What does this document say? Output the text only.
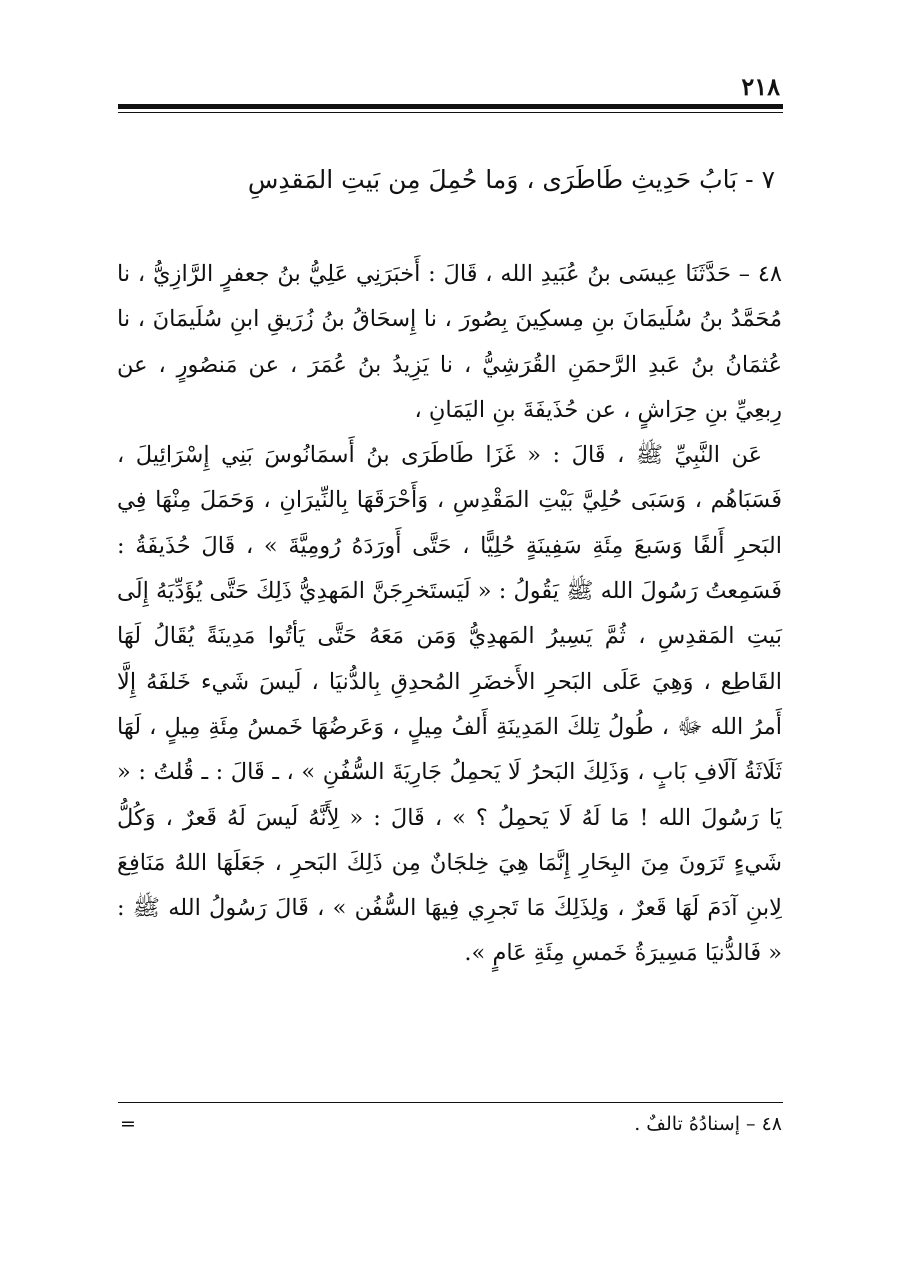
٢١٨
٧ - بَابُ حَدِيثِ طَاطَرَى ، وَما حُمِلَ مِن بَيتِ المَقدِسِ

٤٨ – حَدَّثَنَا عِيسَى بنُ عُبَيدِ الله ، قَالَ : أَخبَرَنِي عَلِيُّ بنُ جعفرٍ الرَّازِيُّ ، نا مُحَمَّدُ بنُ سُلَيمَانَ بنِ مِسكِينَ بِصُورَ ، نا إِسحَاقُ بنُ زُرَيقِ ابنِ سُلَيمَانَ ، نا عُثمَانُ بنُ عَبدِ الرَّحمَنِ القُرَشِيُّ ، نا يَزِيدُ بنُ عُمَرَ ، عن مَنصُورٍ ، عن رِبعِيِّ بنِ حِرَاشٍ ، عن حُذَيفَةَ بنِ اليَمَانِ ،

عَن النَّبِيِّ ﷺ ، قَالَ : « غَزَا طَاطَرَى بنُ أَسمَانُوسَ بَنِي إِسْرَائِيلَ ، فَسَبَاهُم ، وَسَبَى حُلِيَّ بَيْتِ المَقْدِسِ ، وَأَحْرَقَهَا بِالنِّيرَانِ ، وَحَمَلَ مِنْهَا فِي البَحرِ أَلفًا وَسَبعَ مِئَةِ سَفِينَةٍ حُلِيًّا ، حَتَّى أَورَدَهُ رُومِيَّةَ » ، قَالَ حُذَيفَةُ : فَسَمِعتُ رَسُولَ الله ﷺ يَقُولُ : « لَيَستَخرِجَنَّ المَهدِيُّ ذَلِكَ حَتَّى يُؤَدِّيَهُ إِلَى بَيتِ المَقدِسِ ، ثُمَّ يَسِيرُ المَهدِيُّ وَمَن مَعَهُ حَتَّى يَأتُوا مَدِينَةً يُقَالُ لَهَا القَاطِع ، وَهِيَ عَلَى البَحرِ الأَخضَرِ المُحدِقِ بِالدُّنيَا ، لَيسَ شَيء خَلفَهُ إِلَّا أَمرُ الله ﷻ ، طُولُ تِلكَ المَدِينَةِ أَلفُ مِيلٍ ، وَعَرضُهَا خَمسُ مِئَةِ مِيلٍ ، لَهَا ثَلَاثَةُ آلَافِ بَابٍ ، وَذَلِكَ البَحرُ لَا يَحمِلُ جَارِيَةَ السُّفُنِ » ، ـ قَالَ : ـ قُلتُ : « يَا رَسُولَ الله ! مَا لَهُ لَا يَحمِلُ ؟ » ، قَالَ : « لِأَنَّهُ لَيسَ لَهُ قَعرٌ ، وَكُلُّ شَيءٍ تَرَونَ مِنَ البِحَارِ إِنَّمَا هِيَ خِلجَانٌ مِن ذَلِكَ البَحرِ ، جَعَلَهَا اللهُ مَنَافِعَ لِابنِ آدَمَ لَهَا قَعرٌ ، وَلِذَلِكَ مَا تَجرِي فِيهَا السُّفُن » ، قَالَ رَسُولُ الله ﷺ : « فَالدُّنيَا مَسِيرَةُ خَمسِ مِئَةِ عَامٍ ».

٤٨ – إسنادُهُ تالفٌ .
=
